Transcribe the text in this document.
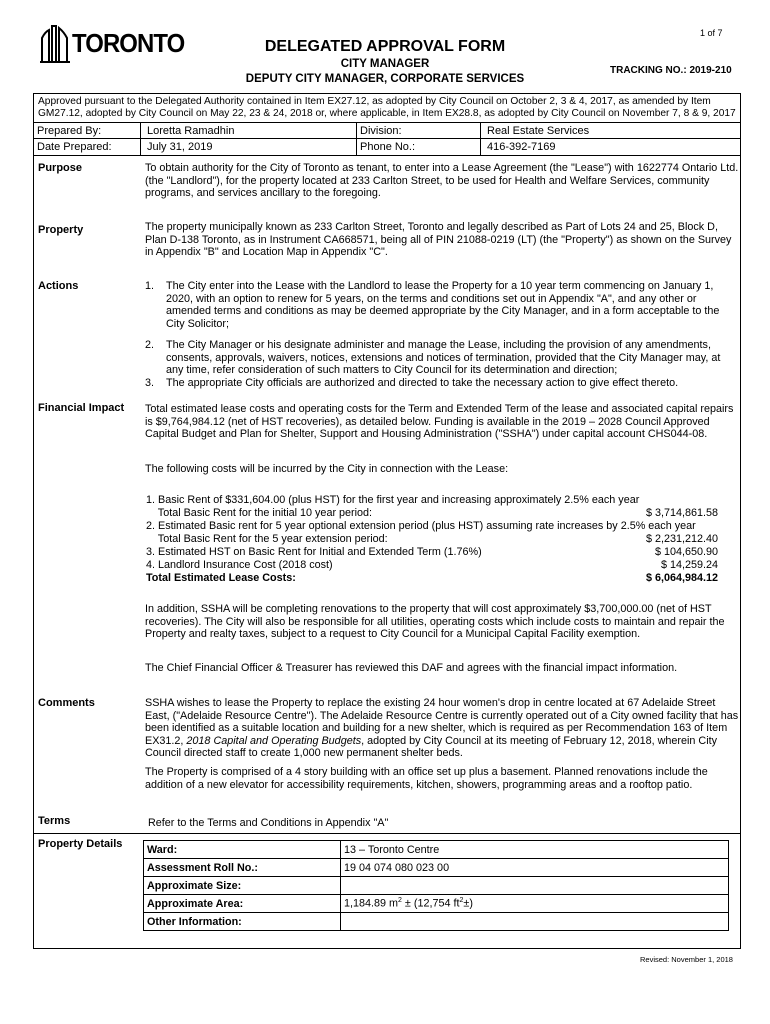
1 of 7
TORONTO	DELEGATED APPROVAL FORM
CITY MANAGER
DEPUTY CITY MANAGER, CORPORATE SERVICES
TRACKING NO.: 2019-210
Approved pursuant to the Delegated Authority contained in Item EX27.12, as adopted by City Council on October 2, 3 & 4, 2017, as amended by Item GM27.12, adopted by City Council on May 22, 23 & 24, 2018 or, where applicable, in Item EX28.8, as adopted by City Council on November 7, 8 & 9, 2017
Prepared By:	Loretta Ramadhin	Division:	Real Estate Services
Date Prepared:	July 31, 2019	Phone No.:	416-392-7169
Purpose	To obtain authority for the City of Toronto as tenant, to enter into a Lease Agreement (the "Lease") with 1622774 Ontario Ltd. (the "Landlord"), for the property located at 233 Carlton Street, to be used for Health and Welfare Services, community programs, and services ancillary to the foregoing.
Property	The property municipally known as 233 Carlton Street, Toronto and legally described as Part of Lots 24 and 25, Block D, Plan D-138 Toronto, as in Instrument CA668571, being all of PIN 21088-0219 (LT) (the "Property") as shown on the Survey in Appendix "B" and Location Map in Appendix "C".
Actions	1. The City enter into the Lease with the Landlord to lease the Property for a 10 year term commencing on January 1, 2020, with an option to renew for 5 years, on the terms and conditions set out in Appendix "A", and any other or amended terms and conditions as may be deemed appropriate by the City Manager, and in a form acceptable to the City Solicitor;
2. The City Manager or his designate administer and manage the Lease, including the provision of any amendments, consents, approvals, waivers, notices, extensions and notices of termination, provided that the City Manager may, at any time, refer consideration of such matters to City Council for its determination and direction;
3. The appropriate City officials are authorized and directed to take the necessary action to give effect thereto.
Financial Impact Total estimated lease costs and operating costs for the Term and Extended Term of the lease and associated capital repairs is $9,764,984.12 (net of HST recoveries), as detailed below. Funding is available in the 2019 – 2028 Council Approved Capital Budget and Plan for Shelter, Support and Housing Administration ("SSHA") under capital account CHS044-08.
The following costs will be incurred by the City in connection with the Lease:
1. Basic Rent of $331,604.00 (plus HST) for the first year and increasing approximately 2.5% each year
Total Basic Rent for the initial 10 year period:	$ 3,714,861.58
2. Estimated Basic rent for 5 year optional extension period (plus HST) assuming rate increases by 2.5% each year
Total Basic Rent for the 5 year extension period:	$ 2,231,212.40
3. Estimated HST on Basic Rent for Initial and Extended Term (1.76%)	$ 104,650.90
4. Landlord Insurance Cost (2018 cost)	$ 14,259.24
Total Estimated Lease Costs:	$ 6,064,984.12
In addition, SSHA will be completing renovations to the property that will cost approximately $3,700,000.00 (net of HST recoveries). The City will also be responsible for all utilities, operating costs which include costs to maintain and repair the Property and realty taxes, subject to a request to City Council for a Municipal Capital Facility exemption.
The Chief Financial Officer & Treasurer has reviewed this DAF and agrees with the financial impact information.
Comments	SSHA wishes to lease the Property to replace the existing 24 hour women's drop in centre located at 67 Adelaide Street East, ("Adelaide Resource Centre"). The Adelaide Resource Centre is currently operated out of a City owned facility that has been identified as a suitable location and building for a new shelter, which is required as per Recommendation 163 of Item EX31.2, 2018 Capital and Operating Budgets, adopted by City Council at its meeting of February 12, 2018, wherein City Council directed staff to create 1,000 new permanent shelter beds.
The Property is comprised of a 4 story building with an office set up plus a basement. Planned renovations include the addition of a new elevator for accessibility requirements, kitchen, showers, programming areas and a rooftop patio.
Terms	Refer to the Terms and Conditions in Appendix "A"
Property Details Ward:	13 – Toronto Centre
Assessment Roll No.:	19 04 074 080 023 00
Approximate Size:	
Approximate Area:	1,184.89 $m^2 \pm (12,754$ $ft^2\pm$)
Other Information:	
Revised: November 1, 2018
